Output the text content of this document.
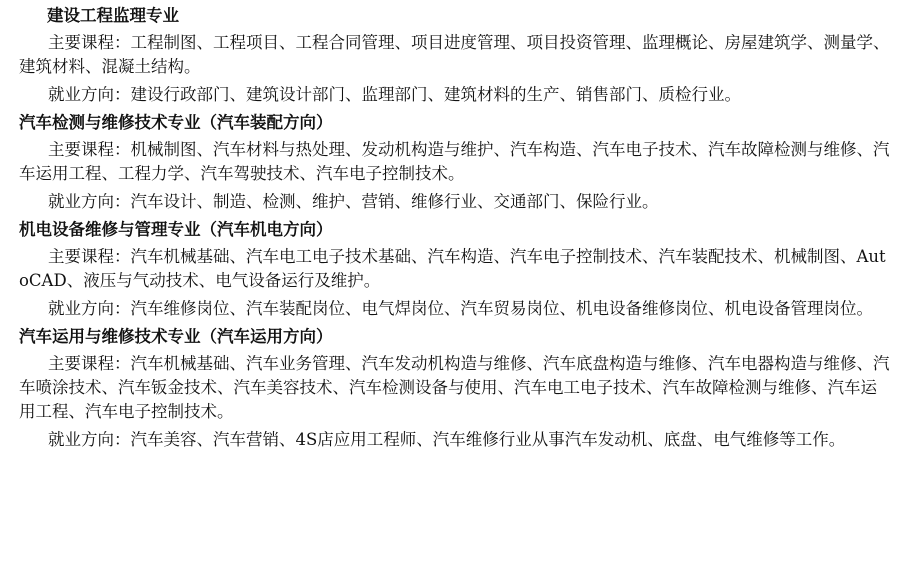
建设工程监理专业

主要课程：工程制图、工程项目、工程合同管理、项目进度管理、项目投资管理、监理概论、房屋建筑学、测量学、建筑材料、混凝土结构。

就业方向：建设行政部门、建筑设计部门、监理部门、建筑材料的生产、销售部门、质检行业。

汽车检测与维修技术专业（汽车装配方向）

主要课程：机械制图、汽车材料与热处理、发动机构造与维护、汽车构造、汽车电子技术、汽车故障检测与维修、汽车运用工程、工程力学、汽车驾驶技术、汽车电子控制技术。

就业方向：汽车设计、制造、检测、维护、营销、维修行业、交通部门、保险行业。

机电设备维修与管理专业（汽车机电方向）

主要课程：汽车机械基础、汽车电工电子技术基础、汽车构造、汽车电子控制技术、汽车装配技术、机械制图、AutoCAD、液压与气动技术、电气设备运行及维护。

就业方向：汽车维修岗位、汽车装配岗位、电气焊岗位、汽车贸易岗位、机电设备维修岗位、机电设备管理岗位。

汽车运用与维修技术专业（汽车运用方向）

主要课程：汽车机械基础、汽车业务管理、汽车发动机构造与维修、汽车底盘构造与维修、汽车电器构造与维修、汽车喷涂技术、汽车钣金技术、汽车美容技术、汽车检测设备与使用、汽车电工电子技术、汽车故障检测与维修、汽车运用工程、汽车电子控制技术。

就业方向：汽车美容、汽车营销、4S店应用工程师、汽车维修行业从事汽车发动机、底盘、电气维修等工作。
